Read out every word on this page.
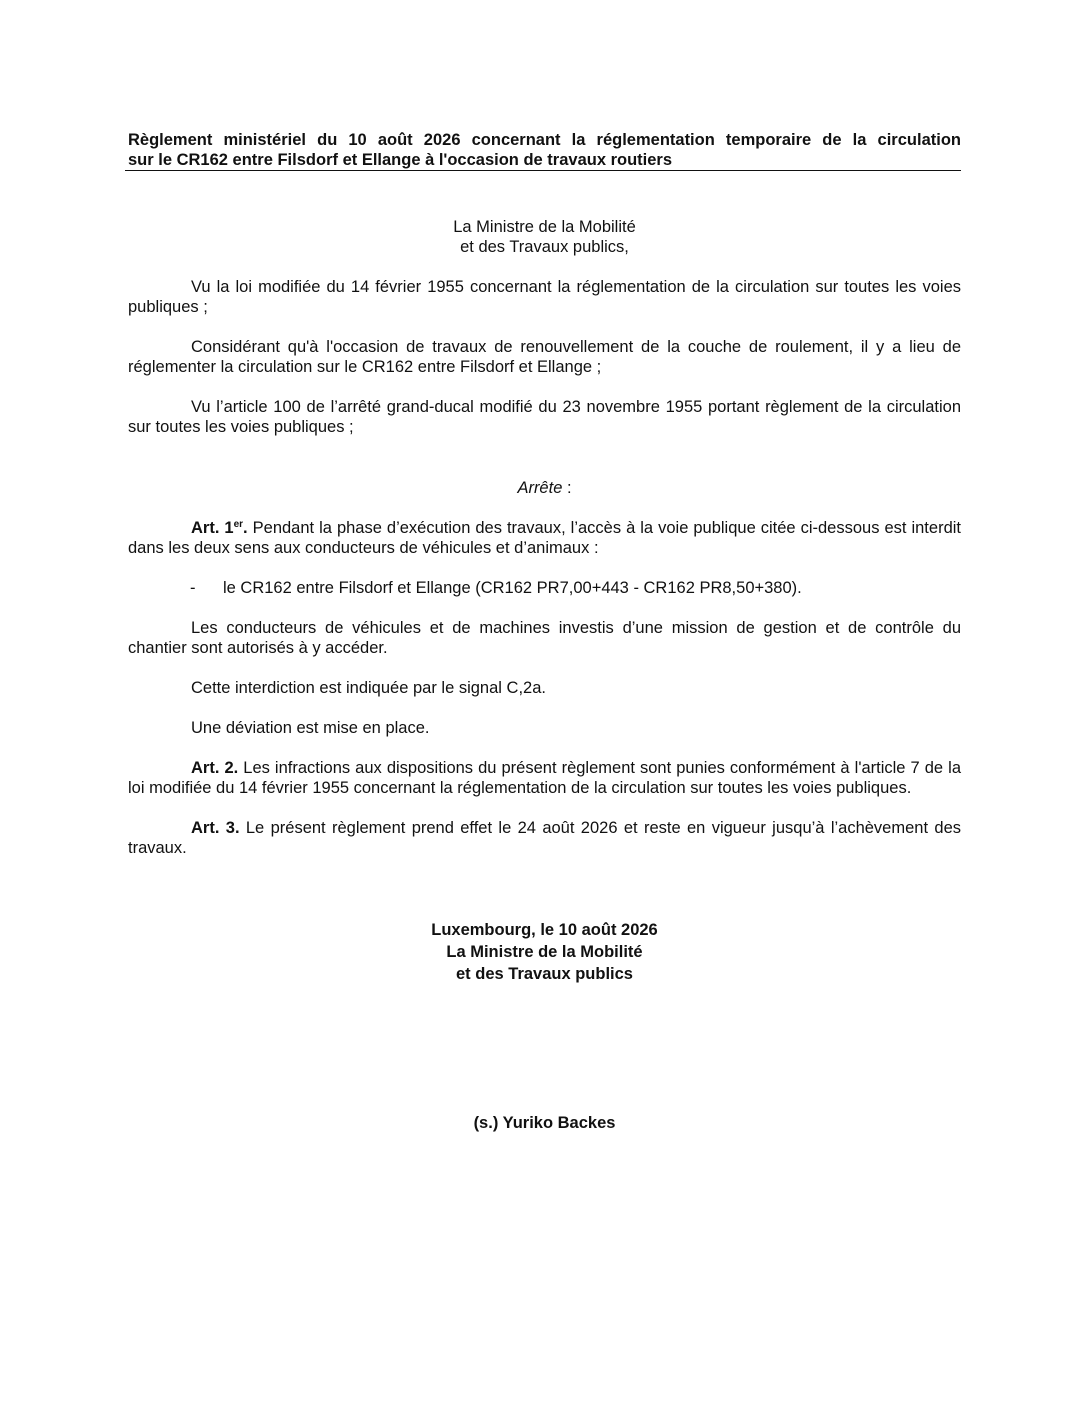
Règlement ministériel du 10 août 2026 concernant la réglementation temporaire de la circulation
sur le CR162 entre Filsdorf et Ellange à l'occasion de travaux routiers
La Ministre de la Mobilité
et des Travaux publics,

Vu la loi modifiée du 14 février 1955 concernant la réglementation de la circulation sur toutes les voies publiques ;

Considérant qu'à l'occasion de travaux de renouvellement de la couche de roulement, il y a lieu de réglementer la circulation sur le CR162 entre Filsdorf et Ellange ;

Vu l’article 100 de l’arrêté grand-ducal modifié du 23 novembre 1955 portant règlement de la circulation sur toutes les voies publiques ;

Arrête :

Art. 1er. Pendant la phase d’exécution des travaux, l’accès à la voie publique citée ci-dessous est interdit dans les deux sens aux conducteurs de véhicules et d’animaux :

-	le CR162 entre Filsdorf et Ellange (CR162 PR7,00+443 - CR162 PR8,50+380).

Les conducteurs de véhicules et de machines investis d’une mission de gestion et de contrôle du chantier sont autorisés à y accéder.

Cette interdiction est indiquée par le signal C,2a.

Une déviation est mise en place.

Art. 2. Les infractions aux dispositions du présent règlement sont punies conformément à l'article 7 de la loi modifiée du 14 février 1955 concernant la réglementation de la circulation sur toutes les voies publiques.

Art. 3. Le présent règlement prend effet le 24 août 2026 et reste en vigueur jusqu’à l’achèvement des travaux.

Luxembourg, le 10 août 2026
La Ministre de la Mobilité
et des Travaux publics
(s.) Yuriko Backes
